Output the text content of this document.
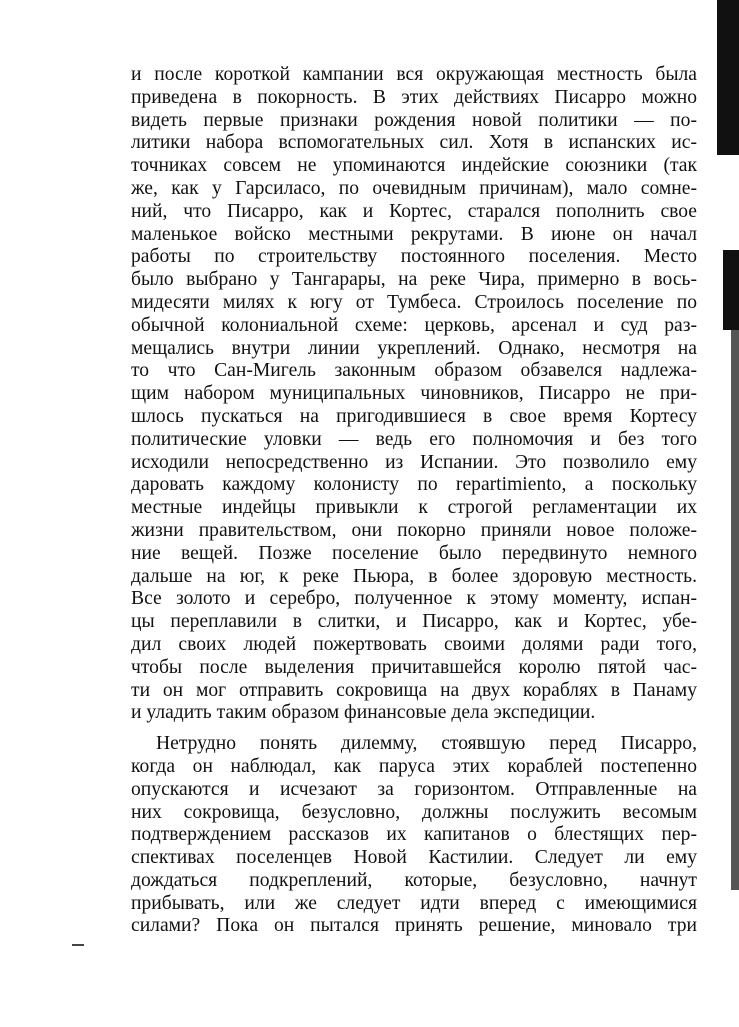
и после короткой кампании вся окружающая местность была
приведена в покорность. В этих действиях Писарро можно
видеть первые признаки рождения новой политики — по-
литики набора вспомогательных сил. Хотя в испанских ис-
точниках совсем не упоминаются индейские союзники (так
же, как у Гарсиласо, по очевидным причинам), мало сомне-
ний, что Писарро, как и Кортес, старался пополнить свое
маленькое войско местными рекрутами. В июне он начал
работы по строительству постоянного поселения. Место
было выбрано у Тангарары, на реке Чира, примерно в вось-
мидесяти милях к югу от Тумбеса. Строилось поселение по
обычной колониальной схеме: церковь, арсенал и суд раз-
мещались внутри линии укреплений. Однако, несмотря на
то что Сан-Мигель законным образом обзавелся надлежа-
щим набором муниципальных чиновников, Писарро не при-
шлось пускаться на пригодившиеся в свое время Кортесу
политические уловки — ведь его полномочия и без того
исходили непосредственно из Испании. Это позволило ему
даровать каждому колонисту по repartimiento, а поскольку
местные индейцы привыкли к строгой регламентации их
жизни правительством, они покорно приняли новое положе-
ние вещей. Позже поселение было передвинуто немного
дальше на юг, к реке Пьюра, в более здоровую местность.
Все золото и серебро, полученное к этому моменту, испан-
цы переплавили в слитки, и Писарро, как и Кортес, убе-
дил своих людей пожертвовать своими долями ради того,
чтобы после выделения причитавшейся королю пятой час-
ти он мог отправить сокровища на двух кораблях в Панаму
и уладить таким образом финансовые дела экспедиции.
Нетрудно понять дилемму, стоявшую перед Писарро,
когда он наблюдал, как паруса этих кораблей постепенно
опускаются и исчезают за горизонтом. Отправленные на
них сокровища, безусловно, должны послужить весомым
подтверждением рассказов их капитанов о блестящих пер-
спективах поселенцев Новой Кастилии. Следует ли ему
дождаться подкреплений, которые, безусловно, начнут
прибывать, или же следует идти вперед с имеющимися
силами? Пока он пытался принять решение, миновало три
